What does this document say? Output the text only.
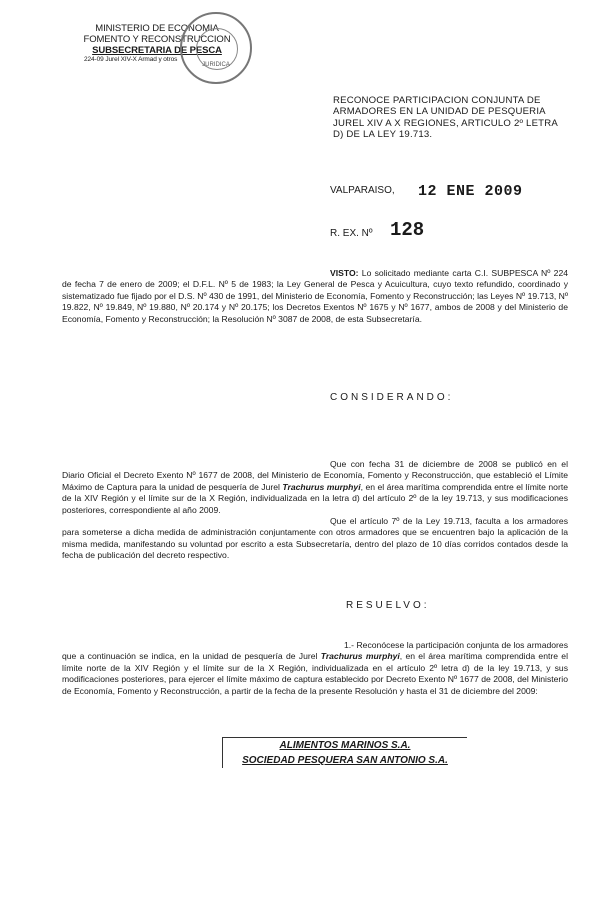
MINISTERIO DE ECONOMIA
FOMENTO Y RECONSTRUCCION
SUBSECRETARIA DE PESCA
224-09 Jurel XIV-X Armad y otros
JURIDICA
RECONOCE PARTICIPACION CONJUNTA DE ARMADORES EN LA UNIDAD DE PESQUERIA JUREL XIV A X REGIONES, ARTICULO 2º LETRA D) DE LA LEY 19.713.
VALPARAISO, 12 ENE 2009
R. EX. Nº 128
VISTO: Lo solicitado mediante carta C.I. SUBPESCA Nº 224 de fecha 7 de enero de 2009; el D.F.L. Nº 5 de 1983; la Ley General de Pesca y Acuicultura, cuyo texto refundido, coordinado y sistematizado fue fijado por el D.S. Nº 430 de 1991, del Ministerio de Economía, Fomento y Reconstrucción; las Leyes Nº 19.713, Nº 19.822, Nº 19.849, Nº 19.880, Nº 20.174 y Nº 20.175; los Decretos Exentos Nº 1675 y Nº 1677, ambos de 2008 y del Ministerio de Economía, Fomento y Reconstrucción; la Resolución Nº 3087 de 2008, de esta Subsecretaría.
CONSIDERANDO:
Que con fecha 31 de diciembre de 2008 se publicó en el Diario Oficial el Decreto Exento Nº 1677 de 2008, del Ministerio de Economía, Fomento y Reconstrucción, que estableció el Límite Máximo de Captura para la unidad de pesquería de Jurel Trachurus murphyi, en el área marítima comprendida entre el límite norte de la XIV Región y el límite sur de la X Región, individualizada en la letra d) del artículo 2º de la ley 19.713, y sus modificaciones posteriores, correspondiente al año 2009.
Que el artículo 7º de la Ley 19.713, faculta a los armadores para someterse a dicha medida de administración conjuntamente con otros armadores que se encuentren bajo la aplicación de la misma medida, manifestando su voluntad por escrito a esta Subsecretaría, dentro del plazo de 10 días corridos contados desde la fecha de publicación del decreto respectivo.
RESUELVO:
1.- Reconócese la participación conjunta de los armadores que a continuación se indica, en la unidad de pesquería de Jurel Trachurus murphyi, en el área marítima comprendida entre el límite norte de la XIV Región y el límite sur de la X Región, individualizada en el artículo 2º letra d) de la ley 19.713, y sus modificaciones posteriores, para ejercer el límite máximo de captura establecido por Decreto Exento Nº 1677 de 2008, del Ministerio de Economía, Fomento y Reconstrucción, a partir de la fecha de la presente Resolución y hasta el 31 de diciembre del 2009:
ALIMENTOS MARINOS S.A.
SOCIEDAD PESQUERA SAN ANTONIO S.A.
